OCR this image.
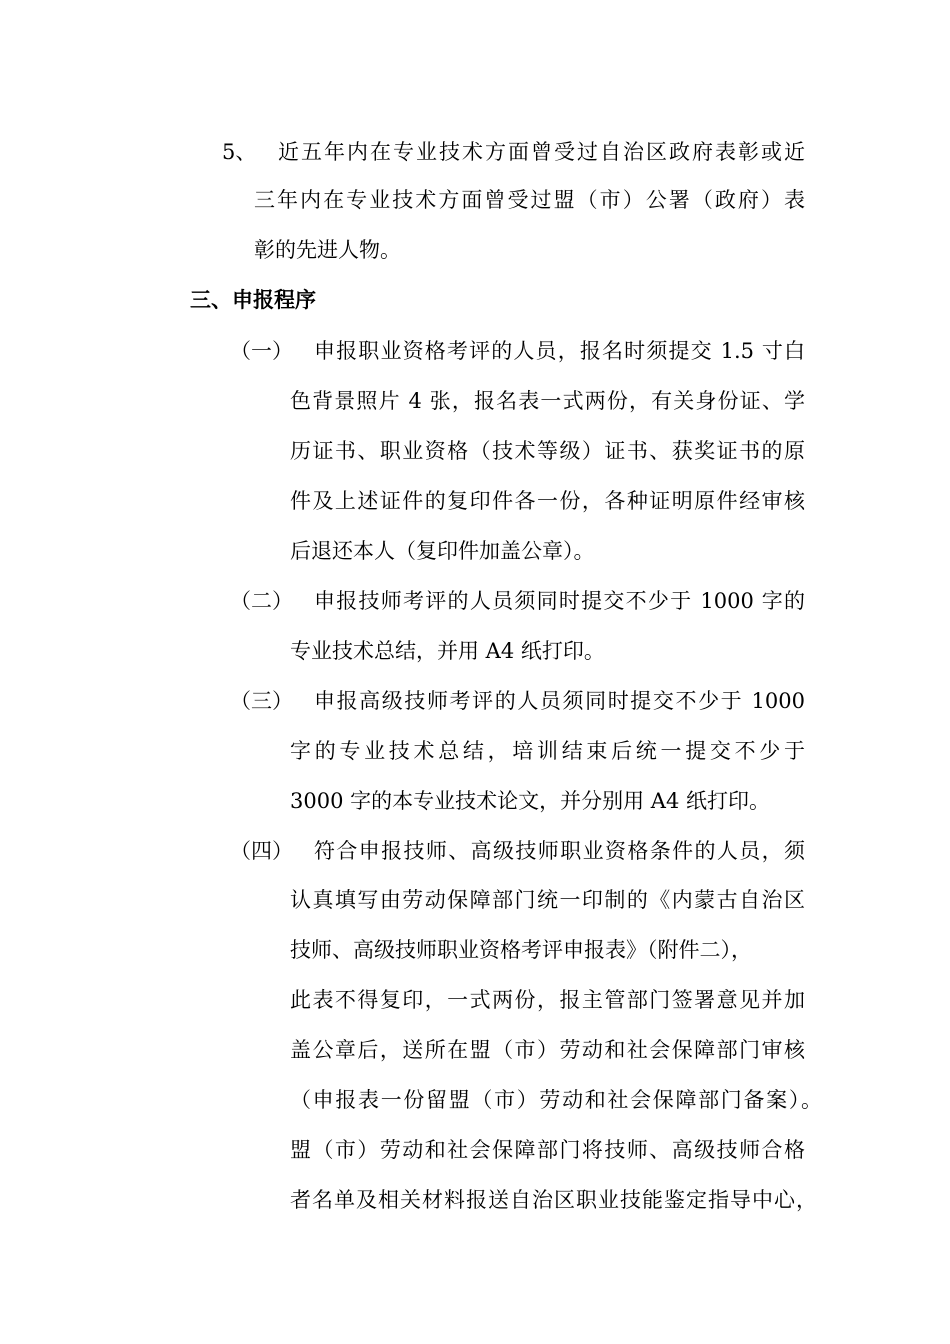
5、 近五年内在专业技术方面曾受过自治区政府表彰或近
三年内在专业技术方面曾受过盟（市）公署（政府）表
彰的先进人物。
三、申报程序
（一） 申报职业资格考评的人员，报名时须提交 1.5 寸白
色背景照片 4 张，报名表一式两份，有关身份证、学
历证书、职业资格（技术等级）证书、获奖证书的原
件及上述证件的复印件各一份，各种证明原件经审核
后退还本人（复印件加盖公章）。
（二） 申报技师考评的人员须同时提交不少于 1000 字的
专业技术总结，并用 A4 纸打印。
（三） 申报高级技师考评的人员须同时提交不少于 1000
字的专业技术总结，培训结束后统一提交不少于
3000 字的本专业技术论文，并分别用 A4 纸打印。
（四） 符合申报技师、高级技师职业资格条件的人员，须
认真填写由劳动保障部门统一印制的《内蒙古自治区
技师、高级技师职业资格考评申报表》（附件二），
此表不得复印，一式两份，报主管部门签署意见并加
盖公章后，送所在盟（市）劳动和社会保障部门审核
（申报表一份留盟（市）劳动和社会保障部门备案）。
盟（市）劳动和社会保障部门将技师、高级技师合格
者名单及相关材料报送自治区职业技能鉴定指导中心，
